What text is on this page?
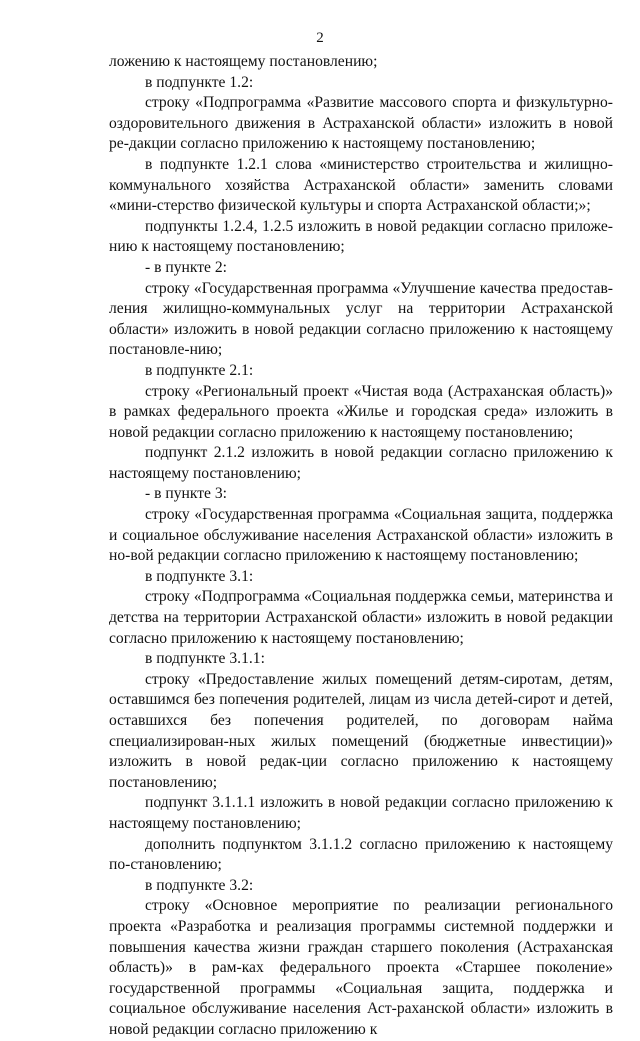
2

ложению к настоящему постановлению;

в подпункте 1.2:

строку «Подпрограмма «Развитие массового спорта и физкультурно-оздоровительного движения в Астраханской области» изложить в новой ре-дакции согласно приложению к настоящему постановлению;

в подпункте 1.2.1 слова «министерство строительства и жилищно-коммунального хозяйства Астраханской области» заменить словами «мини-стерство физической культуры и спорта Астраханской области;»;

подпункты 1.2.4, 1.2.5 изложить в новой редакции согласно приложе-нию к настоящему постановлению;

- в пункте 2:

строку «Государственная программа «Улучшение качества предостав-ления жилищно-коммунальных услуг на территории Астраханской области» изложить в новой редакции согласно приложению к настоящему постановле-нию;

в подпункте 2.1:

строку «Региональный проект «Чистая вода (Астраханская область)» в рамках федерального проекта «Жилье и городская среда» изложить в новой редакции согласно приложению к настоящему постановлению;

подпункт 2.1.2 изложить в новой редакции согласно приложению к настоящему постановлению;

- в пункте 3:

строку «Государственная программа «Социальная защита, поддержка и социальное обслуживание населения Астраханской области» изложить в но-вой редакции согласно приложению к настоящему постановлению;

в подпункте 3.1:

строку «Подпрограмма «Социальная поддержка семьи, материнства и детства на территории Астраханской области» изложить в новой редакции согласно приложению к настоящему постановлению;

в подпункте 3.1.1:

строку «Предоставление жилых помещений детям-сиротам, детям, оставшимся без попечения родителей, лицам из числа детей-сирот и детей, оставшихся без попечения родителей, по договорам найма специализирован-ных жилых помещений (бюджетные инвестиции)» изложить в новой редак-ции согласно приложению к настоящему постановлению;

подпункт 3.1.1.1 изложить в новой редакции согласно приложению к настоящему постановлению;

дополнить подпунктом 3.1.1.2 согласно приложению к настоящему по-становлению;

в подпункте 3.2:

строку «Основное мероприятие по реализации регионального проекта «Разработка и реализация программы системной поддержки и повышения качества жизни граждан старшего поколения (Астраханская область)» в рам-ках федерального проекта «Старшее поколение» государственной программы «Социальная защита, поддержка и социальное обслуживание населения Аст-раханской области» изложить в новой редакции согласно приложению к
